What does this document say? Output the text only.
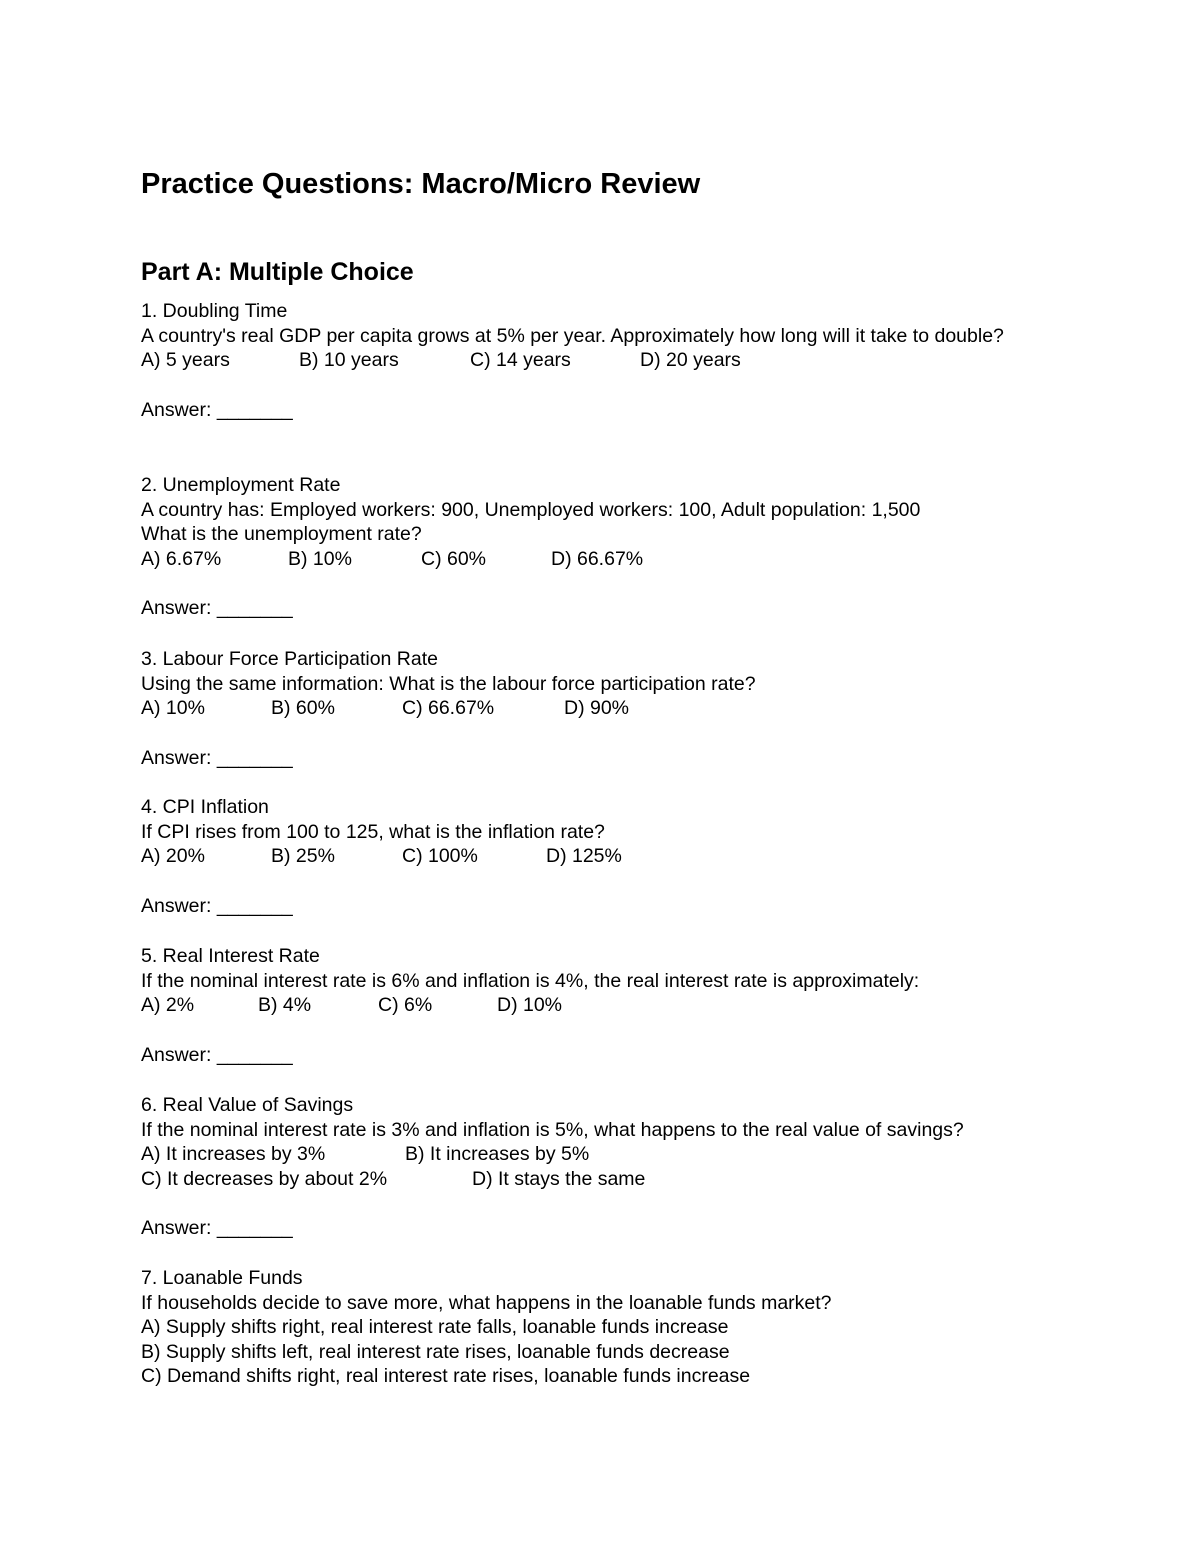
Practice Questions: Macro/Micro Review
Part A: Multiple Choice
1. Doubling Time
A country's real GDP per capita grows at 5% per year. Approximately how long will it take to double?
A) 5 years	B) 10 years	C) 14 years	D) 20 years
Answer: _______
2. Unemployment Rate
A country has: Employed workers: 900, Unemployed workers: 100, Adult population: 1,500
What is the unemployment rate?
A) 6.67%	B) 10%	C) 60%	D) 66.67%
Answer: _______
3. Labour Force Participation Rate
Using the same information: What is the labour force participation rate?
A) 10%	B) 60%	C) 66.67%	D) 90%
Answer: _______
4. CPI Inflation
If CPI rises from 100 to 125, what is the inflation rate?
A) 20%	B) 25%	C) 100%	D) 125%
Answer: _______
5. Real Interest Rate
If the nominal interest rate is 6% and inflation is 4%, the real interest rate is approximately:
A) 2%	B) 4%	C) 6%	D) 10%
Answer: _______
6. Real Value of Savings
If the nominal interest rate is 3% and inflation is 5%, what happens to the real value of savings?
A) It increases by 3%	B) It increases by 5%
C) It decreases by about 2%	D) It stays the same
Answer: _______
7. Loanable Funds
If households decide to save more, what happens in the loanable funds market?
A) Supply shifts right, real interest rate falls, loanable funds increase
B) Supply shifts left, real interest rate rises, loanable funds decrease
C) Demand shifts right, real interest rate rises, loanable funds increase
